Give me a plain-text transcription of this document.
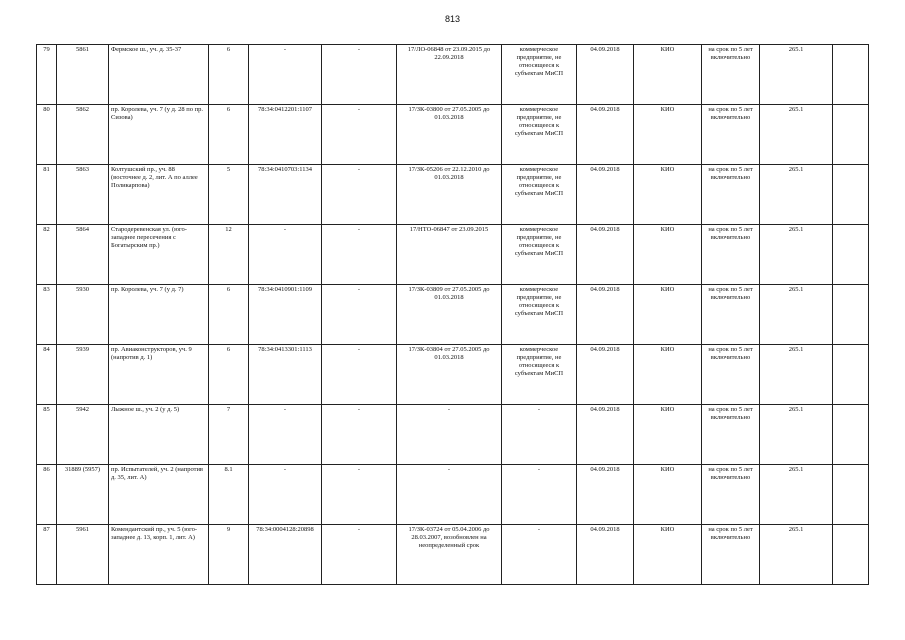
813
79	5861	Фермское ш., уч. д. 35-37	6	-	-	17/ЛО-06848 от 23.09.2015 до 22.09.2018	коммерческое предприятие, не относящееся к субъектам МиСП	04.09.2018	КИО	на срок по 5 лет включительно	265.1	
80	5862	пр. Королева, уч. 7 (у д. 28 по пр. Сизова)	6	78:34:0412201:1107	-	17/ЗК-03800 от 27.05.2005 до 01.03.2018	коммерческое предприятие, не относящееся к субъектам МиСП	04.09.2018	КИО	на срок по 5 лет включительно	265.1	
81	5863	Колтушский пр., уч. 88 (восточнее д. 2, лит. А по аллее Поликарпова)	5	78:34:0410703:1134	-	17/ЗК-05206 от 22.12.2010 до 01.03.2018	коммерческое предприятие, не относящееся к субъектам МиСП	04.09.2018	КИО	на срок по 5 лет включительно	265.1	
82	5864	Стародеревенская ул. (юго-западнее пересечения с Богатырским пр.)	12	-	-	17/НТО-06847 от 23.09.2015	коммерческое предприятие, не относящееся к субъектам МиСП	04.09.2018	КИО	на срок по 5 лет включительно	265.1	
83	5930	пр. Королева, уч. 7 (у д. 7)	6	78:34:0410901:1109	-	17/ЗК-03809 от 27.05.2005 до 01.03.2018	коммерческое предприятие, не относящееся к субъектам МиСП	04.09.2018	КИО	на срок по 5 лет включительно	265.1	
84	5939	пр. Авиаконструкторов, уч. 9 (напротив д. 1)	6	78:34:0413301:1113	-	17/ЗК-03804 от 27.05.2005 до 01.03.2018	коммерческое предприятие, не относящееся к субъектам МиСП	04.09.2018	КИО	на срок по 5 лет включительно	265.1	
85	5942	Лыжное ш., уч. 2 (у д. 5)	7	-	-	-	-	04.09.2018	КИО	на срок по 5 лет включительно	265.1	
86	31889 (5957)	пр. Испытателей, уч. 2 (напротив д. 35, лит. А)	8.1	-	-	-	-	04.09.2018	КИО	на срок по 5 лет включительно	265.1	
87	5961	Комендантский пр., уч. 5 (юго-западнее д. 13, корп. 1, лит. А)	9	78:34:0004128:20898	-	17/ЗК-03724 от 05.04.2006 до 28.03.2007, возобновлен на неопределенный срок	-	04.09.2018	КИО	на срок по 5 лет включительно	265.1	
